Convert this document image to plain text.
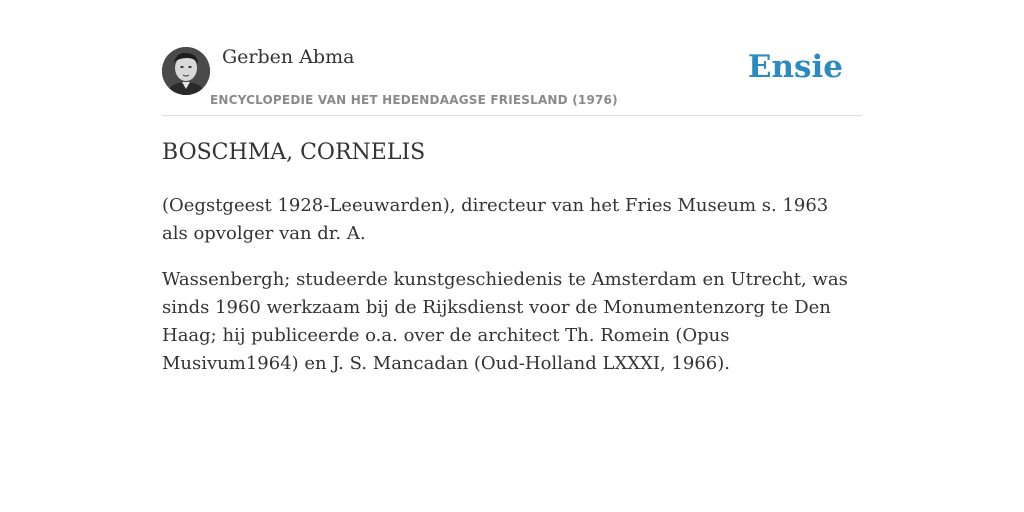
Gerben Abma
ENCYCLOPEDIE VAN HET HEDENDAAGSE FRIESLAND (1976)
Ensie
BOSCHMA, CORNELIS

(Oegstgeest 1928-Leeuwarden), directeur van het Fries Museum s. 1963 als opvolger van dr. A.

Wassenbergh; studeerde kunstgeschiedenis te Amsterdam en Utrecht, was sinds 1960 werkzaam bij de Rijksdienst voor de Monumentenzorg te Den Haag; hij publiceerde o.a. over de architect Th. Romein (Opus Musivum1964) en J. S. Mancadan (Oud-Holland LXXXI, 1966).
